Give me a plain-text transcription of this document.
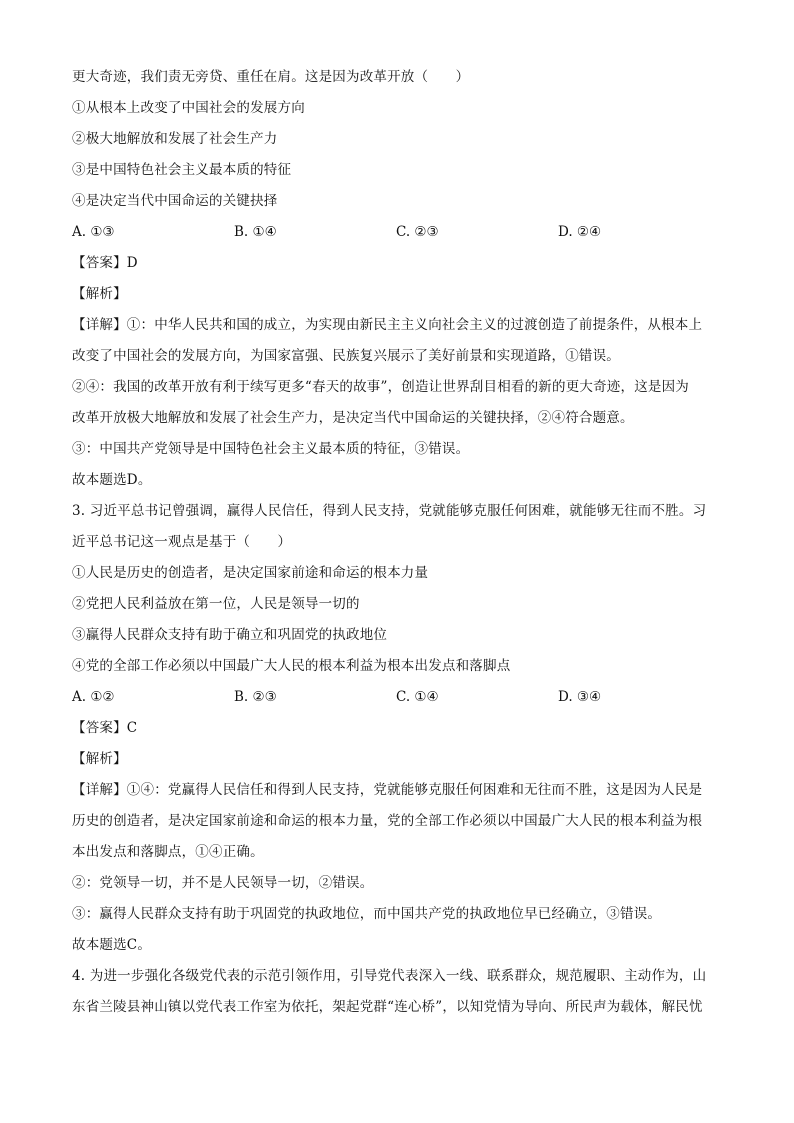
更大奇迹，我们责无旁贷、重任在肩。这是因为改革开放（　　）
①从根本上改变了中国社会的发展方向
②极大地解放和发展了社会生产力
③是中国特色社会主义最本质的特征
④是决定当代中国命运的关键抉择
A. ①③	B. ①④	C. ②③	D. ②④
【答案】D
【解析】
【详解】①：中华人民共和国的成立，为实现由新民主主义向社会主义的过渡创造了前提条件，从根本上
改变了中国社会的发展方向，为国家富强、民族复兴展示了美好前景和实现道路，①错误。
②④：我国的改革开放有利于续写更多“春天的故事”，创造让世界刮目相看的新的更大奇迹，这是因为
改革开放极大地解放和发展了社会生产力，是决定当代中国命运的关键抉择，②④符合题意。
③：中国共产党领导是中国特色社会主义最本质的特征，③错误。
故本题选D。
3. 习近平总书记曾强调，赢得人民信任，得到人民支持，党就能够克服任何困难，就能够无往而不胜。习
近平总书记这一观点是基于（　　）
①人民是历史的创造者，是决定国家前途和命运的根本力量
②党把人民利益放在第一位，人民是领导一切的
③赢得人民群众支持有助于确立和巩固党的执政地位
④党的全部工作必须以中国最广大人民的根本利益为根本出发点和落脚点
A. ①②	B. ②③	C. ①④	D. ③④
【答案】C
【解析】
【详解】①④：党赢得人民信任和得到人民支持，党就能够克服任何困难和无往而不胜，这是因为人民是
历史的创造者，是决定国家前途和命运的根本力量，党的全部工作必须以中国最广大人民的根本利益为根
本出发点和落脚点，①④正确。
②：党领导一切，并不是人民领导一切，②错误。
③：赢得人民群众支持有助于巩固党的执政地位，而中国共产党的执政地位早已经确立，③错误。
故本题选C。
4. 为进一步强化各级党代表的示范引领作用，引导党代表深入一线、联系群众，规范履职、主动作为，山
东省兰陵县神山镇以党代表工作室为依托，架起党群“连心桥”，以知党情为导向、所民声为载体，解民忧
